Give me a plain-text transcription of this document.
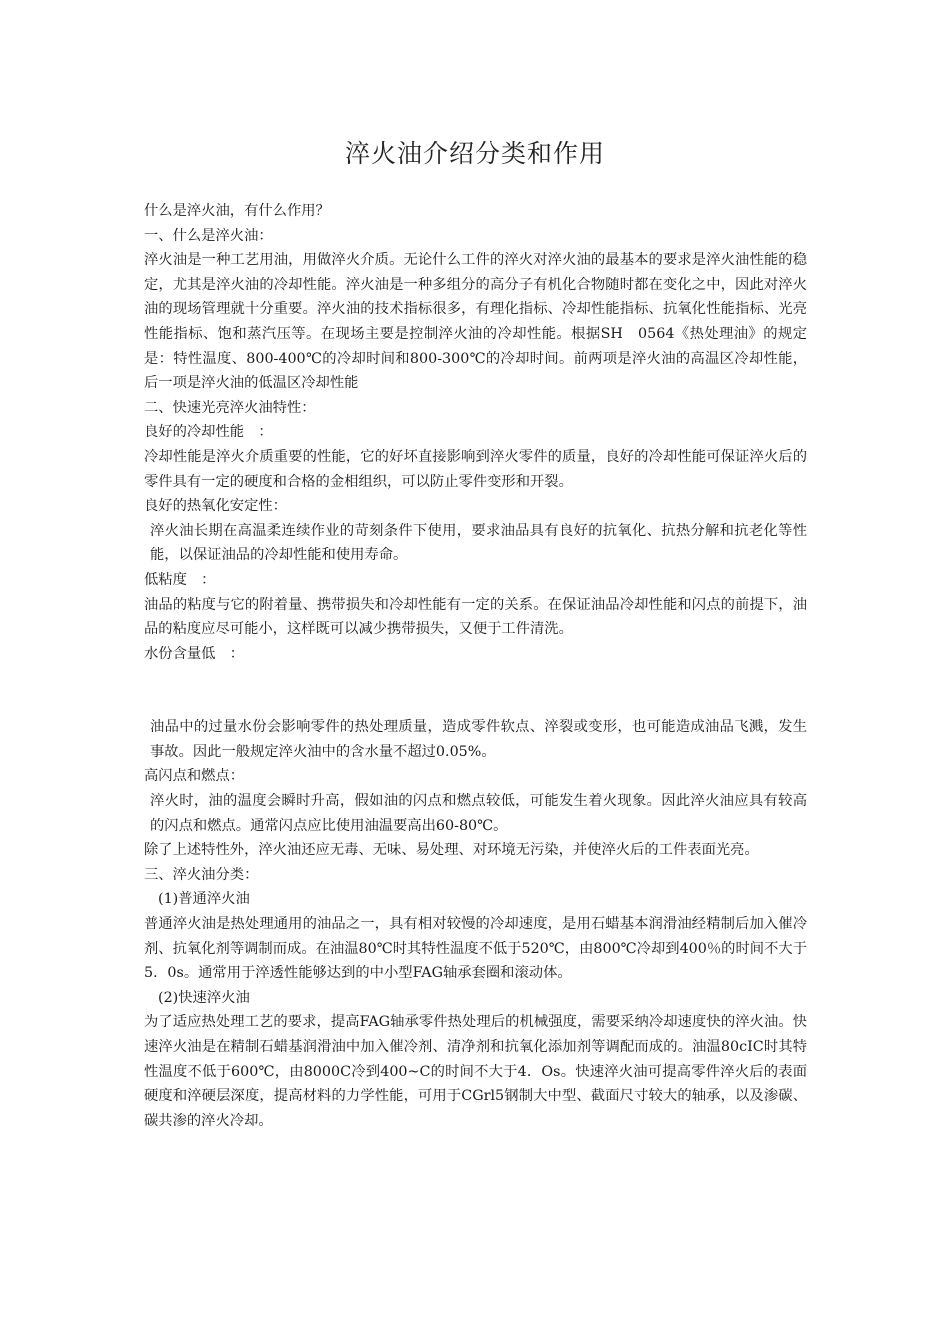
淬火油介绍分类和作用

什么是淬火油，有什么作用？

一、什么是淬火油：

淬火油是一种工艺用油，用做淬火介质。无论什么工件的淬火对淬火油的最基本的要求是淬火油性能的稳定，尤其是淬火油的冷却性能。淬火油是一种多组分的高分子有机化合物随时都在变化之中，因此对淬火油的现场管理就十分重要。淬火油的技术指标很多，有理化指标、冷却性能指标、抗氧化性能指标、光亮性能指标、饱和蒸汽压等。在现场主要是控制淬火油的冷却性能。根据SH　0564《热处理油》的规定是：特性温度、800-400℃的冷却时间和800-300℃的冷却时间。前两项是淬火油的高温区冷却性能，后一项是淬火油的低温区冷却性能

二、快速光亮淬火油特性：

良好的冷却性能　：

冷却性能是淬火介质重要的性能，它的好坏直接影响到淬火零件的质量，良好的冷却性能可保证淬火后的零件具有一定的硬度和合格的金相组织，可以防止零件变形和开裂。

良好的热氧化安定性：

淬火油长期在高温柔连续作业的苛刻条件下使用，要求油品具有良好的抗氧化、抗热分解和抗老化等性能，以保证油品的冷却性能和使用寿命。

低粘度　：

油品的粘度与它的附着量、携带损失和冷却性能有一定的关系。在保证油品冷却性能和闪点的前提下，油品的粘度应尽可能小，这样既可以减少携带损失，又便于工件清洗。

水份含量低　：

油品中的过量水份会影响零件的热处理质量，造成零件软点、淬裂或变形，也可能造成油品飞溅，发生事故。因此一般规定淬火油中的含水量不超过0.05%。

高闪点和燃点：

淬火时，油的温度会瞬时升高，假如油的闪点和燃点较低，可能发生着火现象。因此淬火油应具有较高的闪点和燃点。通常闪点应比使用油温要高出60-80℃。

除了上述特性外，淬火油还应无毒、无味、易处理、对环境无污染，并使淬火后的工件表面光亮。

三、淬火油分类：

(1)普通淬火油

普通淬火油是热处理通用的油品之一，具有相对较慢的冷却速度，是用石蜡基本润滑油经精制后加入催冷剂、抗氧化剂等调制而成。在油温80℃时其特性温度不低于520℃，由800℃冷却到400％的时间不大于5．0s。通常用于淬透性能够达到的中小型FAG轴承套圈和滚动体。

(2)快速淬火油

为了适应热处理工艺的要求，提高FAG轴承零件热处理后的机械强度，需要采纳冷却速度快的淬火油。快速淬火油是在精制石蜡基润滑油中加入催冷剂、清净剂和抗氧化添加剂等调配而成的。油温80cIC时其特性温度不低于600℃，由8000C冷到400~C的时间不大于4．Os。快速淬火油可提高零件淬火后的表面硬度和淬硬层深度，提高材料的力学性能，可用于CGrl5钢制大中型、截面尺寸较大的轴承，以及渗碳、碳共渗的淬火冷却。
